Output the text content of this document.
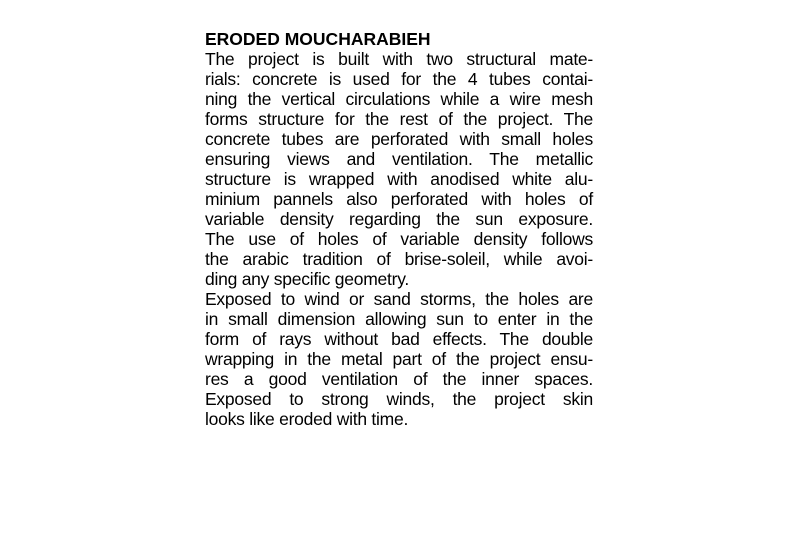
ERODED MOUCHARABIEH
The project is built with two structural mate-
rials: concrete is used for the 4 tubes contai-
ning the vertical circulations while a wire mesh
forms structure for the rest of the project. The
concrete tubes are perforated with small holes
ensuring views and ventilation. The metallic
structure is wrapped with anodised white alu-
minium pannels also perforated with holes of
variable density regarding the sun exposure.
The use of holes of variable density follows
the arabic tradition of brise-soleil, while avoi-
ding any specific geometry.
Exposed to wind or sand storms, the holes are
in small dimension allowing sun to enter in the
form of rays without bad effects. The double
wrapping in the metal part of the project ensu-
res a good ventilation of the inner spaces.
Exposed to strong winds, the project skin
looks like eroded with time.
